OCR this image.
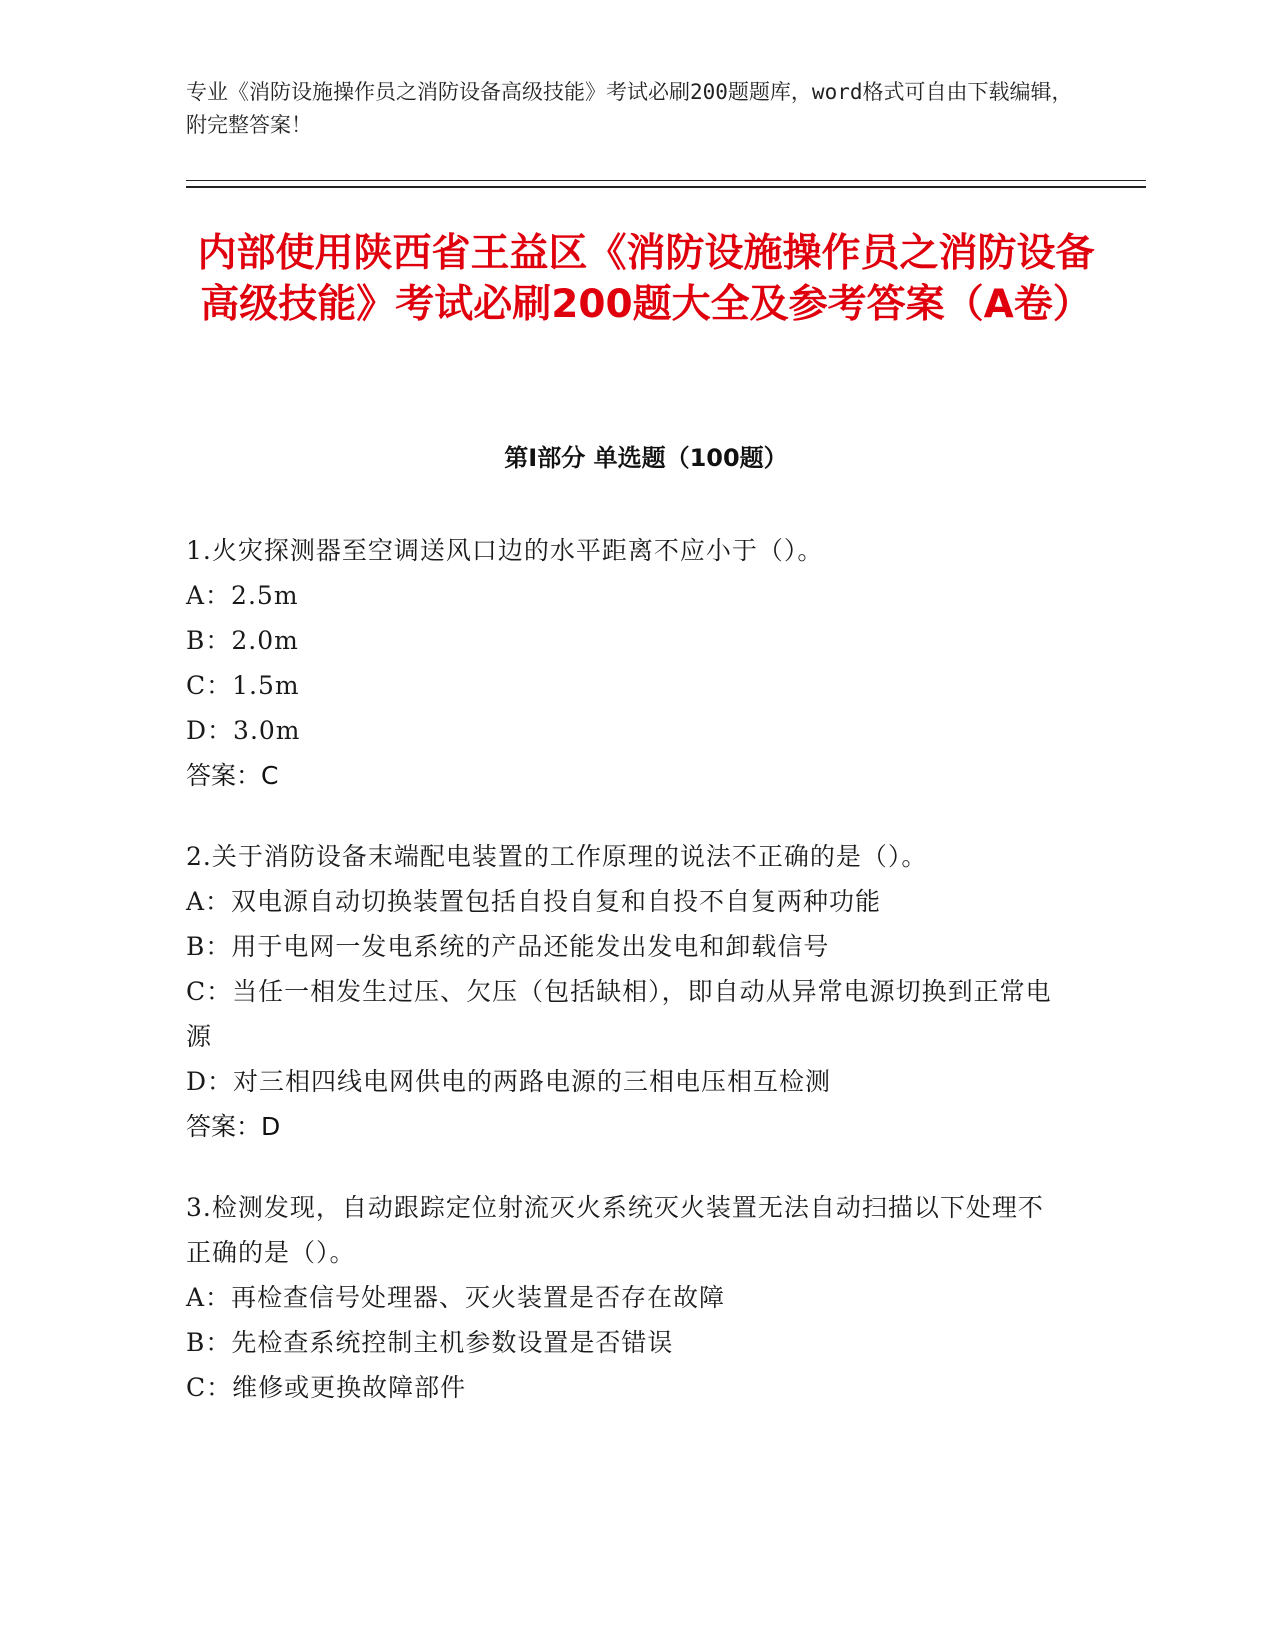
专业《消防设施操作员之消防设备高级技能》考试必刷200题题库，word格式可自由下载编辑，附完整答案！
内部使用陕西省王益区《消防设施操作员之消防设备高级技能》考试必刷200题大全及参考答案（A卷）
第Ⅰ部分 单选题（100题）
1.火灾探测器至空调送风口边的水平距离不应小于（）。
A：2.5m
B：2.0m
C：1.5m
D：3.0m
答案：C
2.关于消防设备末端配电装置的工作原理的说法不正确的是（）。
A：双电源自动切换装置包括自投自复和自投不自复两种功能
B：用于电网一发电系统的产品还能发出发电和卸载信号
C：当任一相发生过压、欠压（包括缺相），即自动从异常电源切换到正常电源
D：对三相四线电网供电的两路电源的三相电压相互检测
答案：D
3.检测发现，自动跟踪定位射流灭火系统灭火装置无法自动扫描以下处理不正确的是（）。
A：再检查信号处理器、灭火装置是否存在故障
B：先检查系统控制主机参数设置是否错误
C：维修或更换故障部件
